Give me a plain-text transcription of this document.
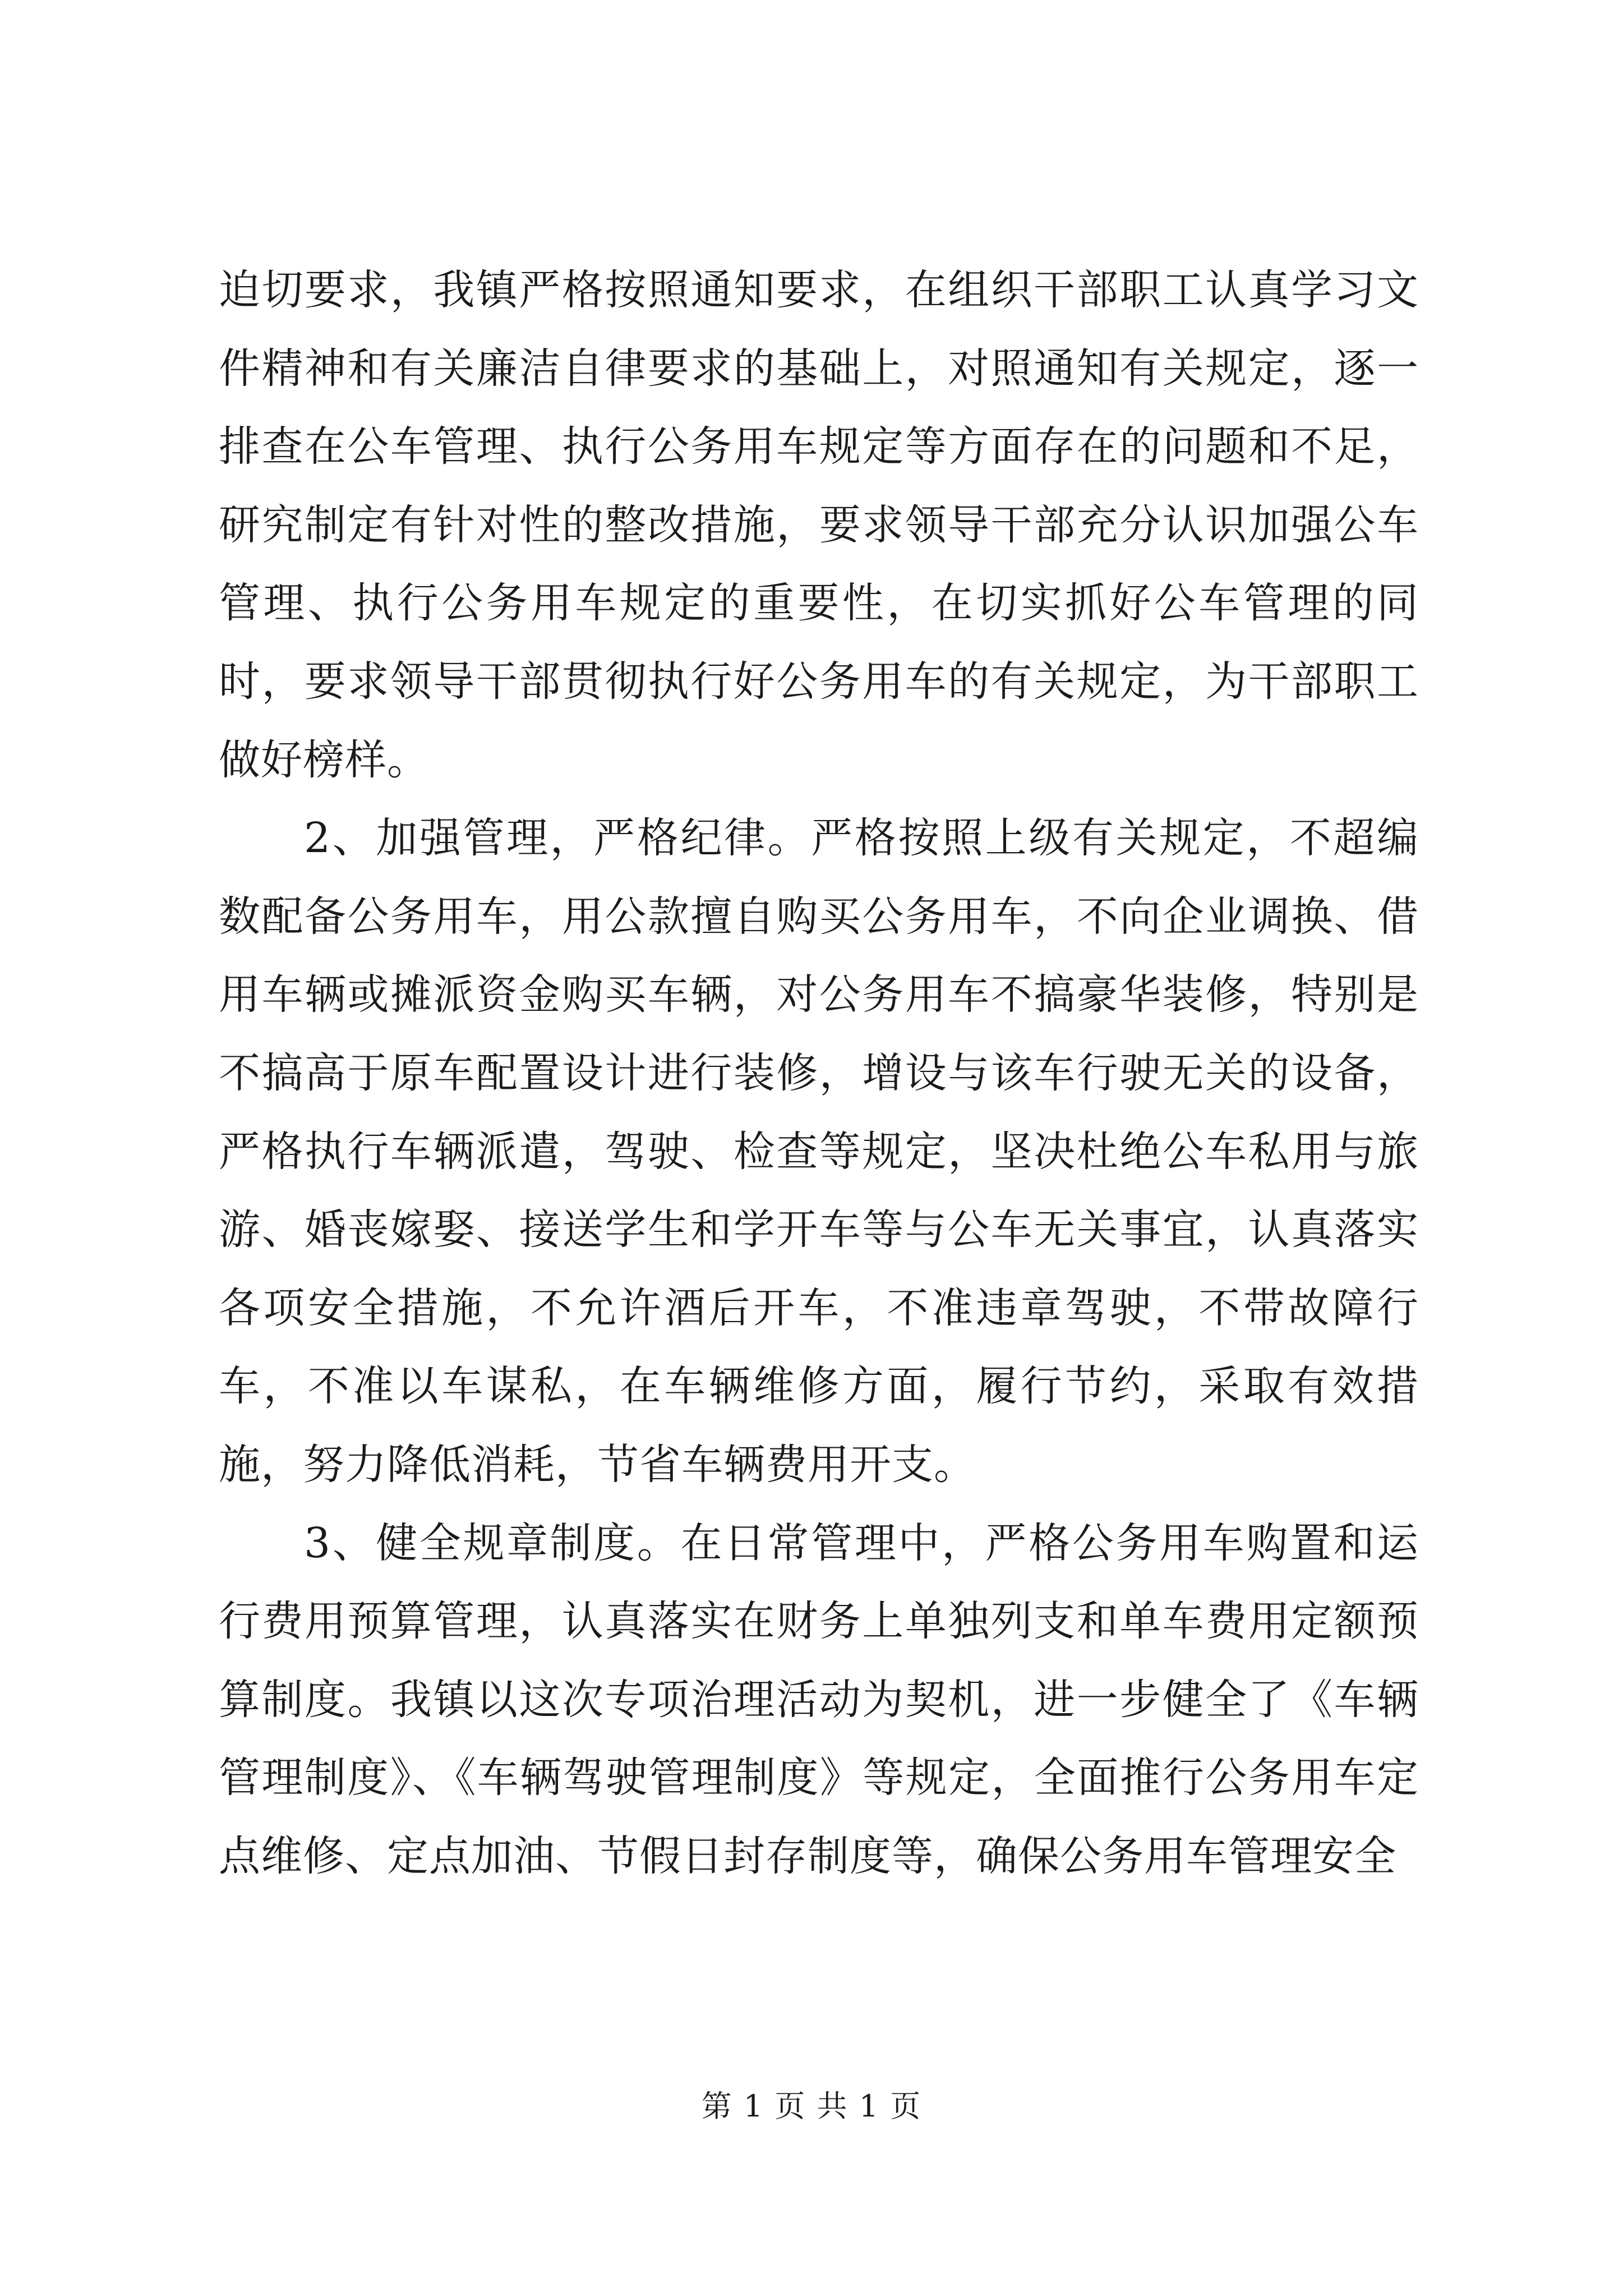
迫切要求，我镇严格按照通知要求，在组织干部职工认真学习文件精神和有关廉洁自律要求的基础上，对照通知有关规定，逐一排查在公车管理、执行公务用车规定等方面存在的问题和不足，研究制定有针对性的整改措施，要求领导干部充分认识加强公车管理、执行公务用车规定的重要性，在切实抓好公车管理的同时，要求领导干部贯彻执行好公务用车的有关规定，为干部职工做好榜样。

2、加强管理，严格纪律。严格按照上级有关规定，不超编数配备公务用车，用公款擅自购买公务用车，不向企业调换、借用车辆或摊派资金购买车辆，对公务用车不搞豪华装修，特别是不搞高于原车配置设计进行装修，增设与该车行驶无关的设备，严格执行车辆派遣，驾驶、检查等规定，坚决杜绝公车私用与旅游、婚丧嫁娶、接送学生和学开车等与公车无关事宜，认真落实各项安全措施，不允许酒后开车，不准违章驾驶，不带故障行车，不准以车谋私，在车辆维修方面，履行节约，采取有效措施，努力降低消耗，节省车辆费用开支。

3、健全规章制度。在日常管理中，严格公务用车购置和运行费用预算管理，认真落实在财务上单独列支和单车费用定额预算制度。我镇以这次专项治理活动为契机，进一步健全了《车辆管理制度》、《车辆驾驶管理制度》等规定，全面推行公务用车定点维修、定点加油、节假日封存制度等，确保公务用车管理安全

第 1 页 共 1 页
